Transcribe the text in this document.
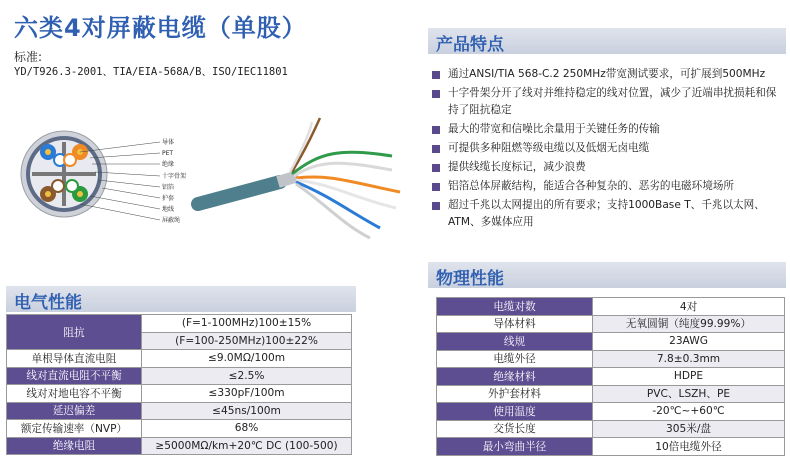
六类4对屏蔽电缆（单股）
标准:
YD/T926.3-2001、TIA/EIA-568A/B、ISO/IEC11801
导体
PET
绝缘
十字骨架
铝箔
护套
地线
屏蔽绳
产品特点
通过ANSI/TIA 568-C.2 250MHz带宽测试要求，可扩展到500MHz
十字骨架分开了线对并维持稳定的线对位置，减少了近端串扰损耗和保持了阻抗稳定
最大的带宽和信噪比余量用于关键任务的传输
可提供多种阻燃等级电缆以及低烟无卤电缆
提供线缆长度标记，减少浪费
铝箔总体屏蔽结构，能适合各种复杂的、恶劣的电磁环境场所
超过千兆以太网提出的所有要求；支持1000Base T、千兆以太网、ATM、多媒体应用
电气性能
阻抗	(F=1-100MHz)100±15%
	(F=100-250MHz)100±22%
单根导体直流电阻	≤9.0MΩ/100m
线对直流电阻不平衡	≤2.5%
线对对地电容不平衡	≤330pF/100m
延迟偏差	≤45ns/100m
额定传输速率（NVP）	68%
绝缘电阻	≥5000MΩ/km+20℃ DC (100-500)
物理性能
电缆对数	4对
导体材料	无氧圆铜（纯度99.99%）
线规	23AWG
电缆外径	7.8±0.3mm
绝缘材料	HDPE
外护套材料	PVC、LSZH、PE
使用温度	-20℃~+60℃
交货长度	305米/盘
最小弯曲半径	10倍电缆外径
